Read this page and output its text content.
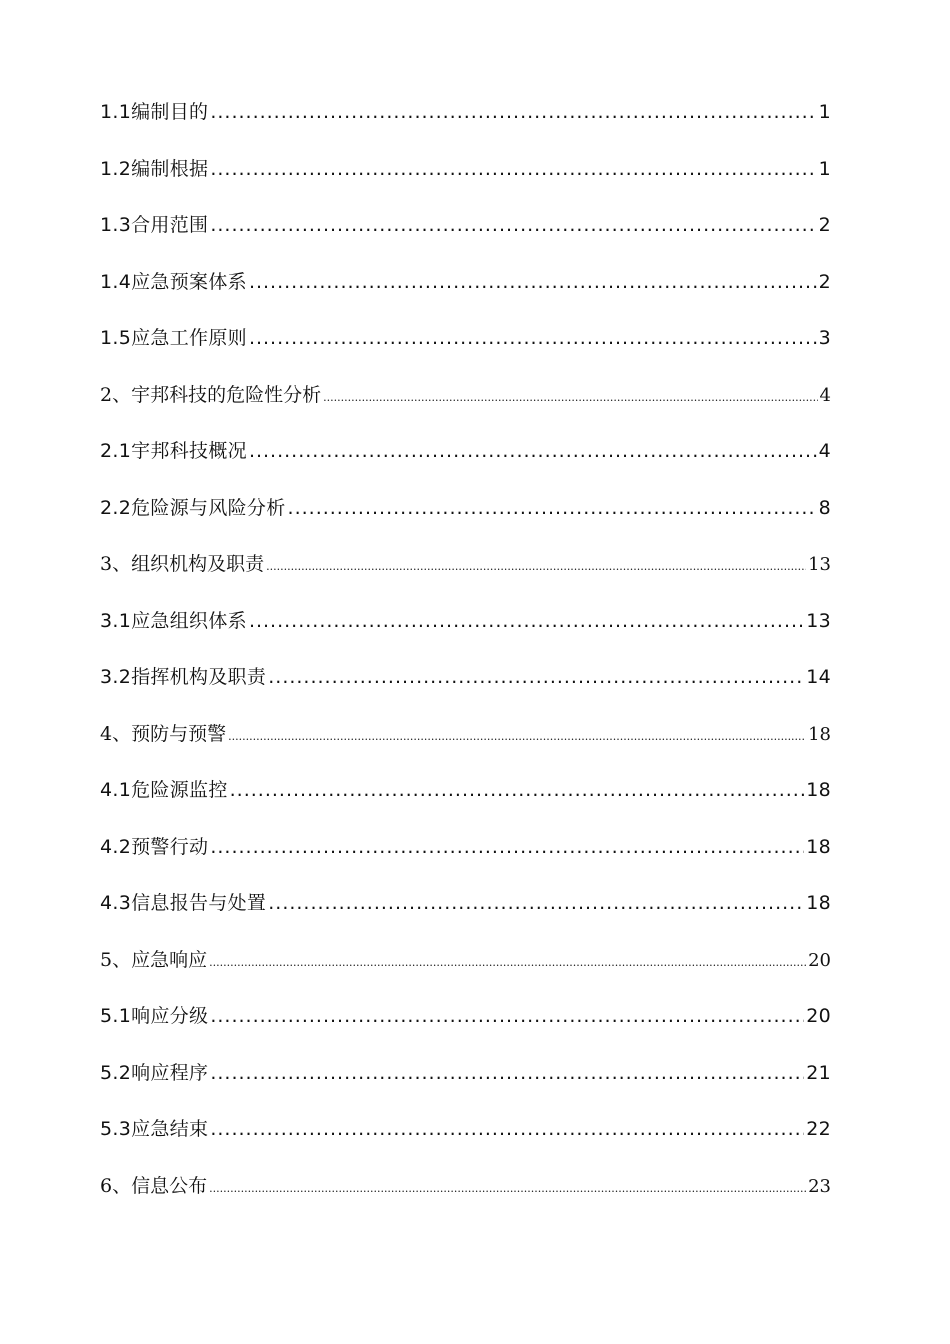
1.1 编制目的 .....	1
1.2 编制根据 .....	1
1.3 合用范围 .....	2
1.4 应急预案体系 .....	2
1.5 应急工作原则 .....	3
2、 宇邦科技的危险性分析 .....	4
2.1 宇邦科技概况 .....	4
2.2 危险源与风险分析 .....	8
3、 组织机构及职责 .....	13
3.1 应急组织体系 .....	13
3.2 指挥机构及职责 .....	14
4、 预防与预警 .....	18
4.1 危险源监控 .....	18
4.2 预警行动 .....	18
4.3 信息报告与处置 .....	18
5、 应急响应 .....	20
5.1 响应分级 .....	20
5.2 响应程序 .....	21
5.3 应急结束 .....	22
6、 信息公布 .....	23
